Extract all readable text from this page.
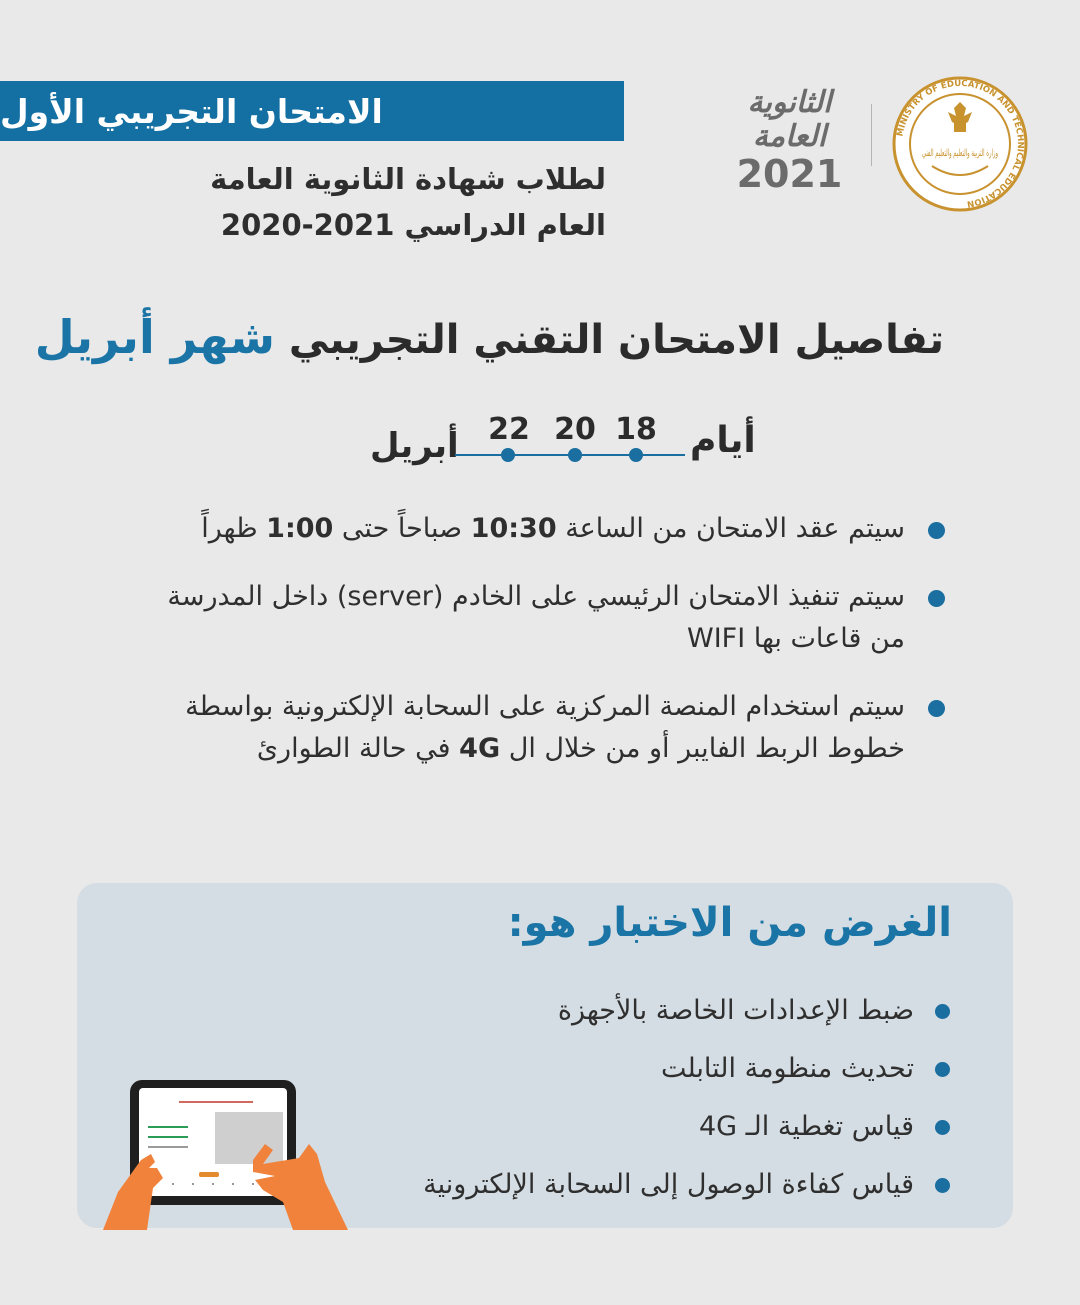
الامتحان التجريبي الأول
لطلاب شهادة الثانوية العامة
العام الدراسي 2021-2020
الثانوية
العامة
2021
MINISTRY OF EDUCATION AND TECHNICAL EDUCATION
وزارة التربية والتعليم والتعليم الفني
تفاصيل الامتحان التقني التجريبي شهر أبريل
أيام
أبريل	18
20
22
سيتم عقد الامتحان من الساعة 10:30 صباحاً حتى 1:00 ظهراً
سيتم تنفيذ الامتحان الرئيسي على الخادم (server) داخل المدرسة
من قاعات بها WIFI
سيتم استخدام المنصة المركزية على السحابة الإلكترونية بواسطة
خطوط الربط الفايبر أو من خلال ال 4G في حالة الطوارئ
الغرض من الاختبار هو:
ضبط الإعدادات الخاصة بالأجهزة
تحديث منظومة التابلت
قياس تغطية الـ 4G
قياس كفاءة الوصول إلى السحابة الإلكترونية
